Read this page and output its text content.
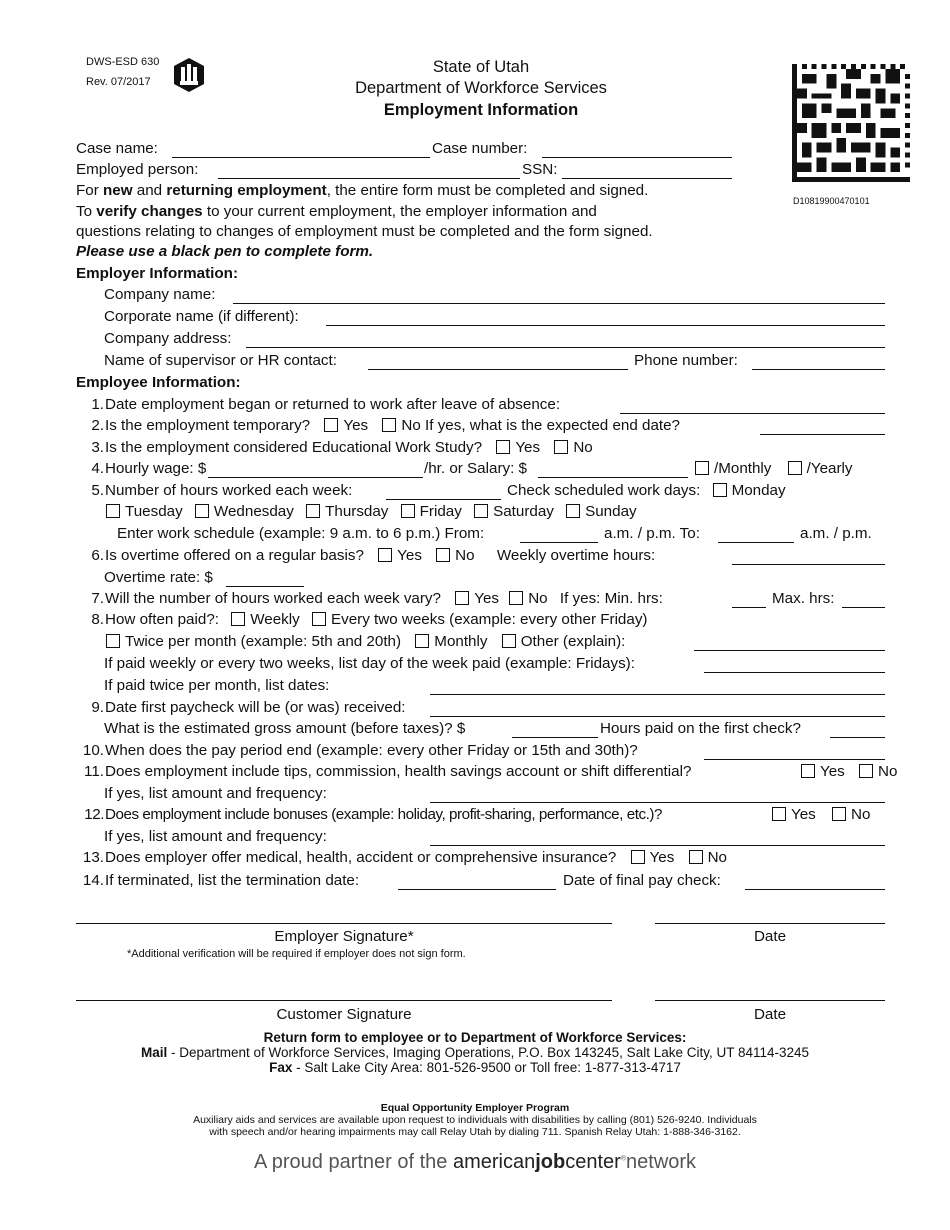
DWS-ESD 630
Rev. 07/2017
State of Utah
Department of Workforce Services
Employment Information
D10819900470101
Case name:	Case number:
Employed person:	SSN:
For new and returning employment, the entire form must be completed and signed.
To verify changes to your current employment, the employer information and
questions relating to changes of employment must be completed and the form signed.
Please use a black pen to complete form.
Employer Information:
Company name:
Corporate name (if different):
Company address:
Name of supervisor or HR contact:	Phone number:
Employee Information:
1.Date employment began or returned to work after leave of absence:
2.Is the employment temporary? Yes No If yes, what is the expected end date?
3.Is the employment considered Educational Work Study? Yes No
4.Hourly wage: $	/hr. or Salary: $	/Monthly /Yearly
5.Number of hours worked each week:	Check scheduled work days: Monday
Tuesday Wednesday Thursday Friday Saturday Sunday
Enter work schedule (example: 9 a.m. to 6 p.m.) From:	a.m. / p.m. To:	a.m. / p.m.
6.Is overtime offered on a regular basis? Yes No Weekly overtime hours:
Overtime rate: $
7.Will the number of hours worked each week vary? Yes No If yes: Min. hrs:	Max. hrs:
8.How often paid?: Weekly Every two weeks (example: every other Friday)
Twice per month (example: 5th and 20th) Monthly Other (explain):
If paid weekly or every two weeks, list day of the week paid (example: Fridays):
If paid twice per month, list dates:
9.Date first paycheck will be (or was) received:
What is the estimated gross amount (before taxes)? $	Hours paid on the first check?
10.When does the pay period end (example: every other Friday or 15th and 30th)?
11.Does employment include tips, commission, health savings account or shift differential?	Yes No
If yes, list amount and frequency:
12.Does employment include bonuses (example: holiday, profit-sharing, performance, etc.)?	Yes No
If yes, list amount and frequency:
13.Does employer offer medical, health, accident or comprehensive insurance? Yes No
14.If terminated, list the termination date:	Date of final pay check:
Employer Signature*	Date
*Additional verification will be required if employer does not sign form.
Customer Signature	Date
Return form to employee or to Department of Workforce Services:
Mail - Department of Workforce Services, Imaging Operations, P.O. Box 143245, Salt Lake City, UT 84114-3245
Fax - Salt Lake City Area: 801-526-9500 or Toll free: 1-877-313-4717
Equal Opportunity Employer Program
Auxiliary aids and services are available upon request to individuals with disabilities by calling (801) 526-9240. Individuals
with speech and/or hearing impairments may call Relay Utah by dialing 711. Spanish Relay Utah: 1-888-346-3162.
A proud partner of the americanjobcenter®network
